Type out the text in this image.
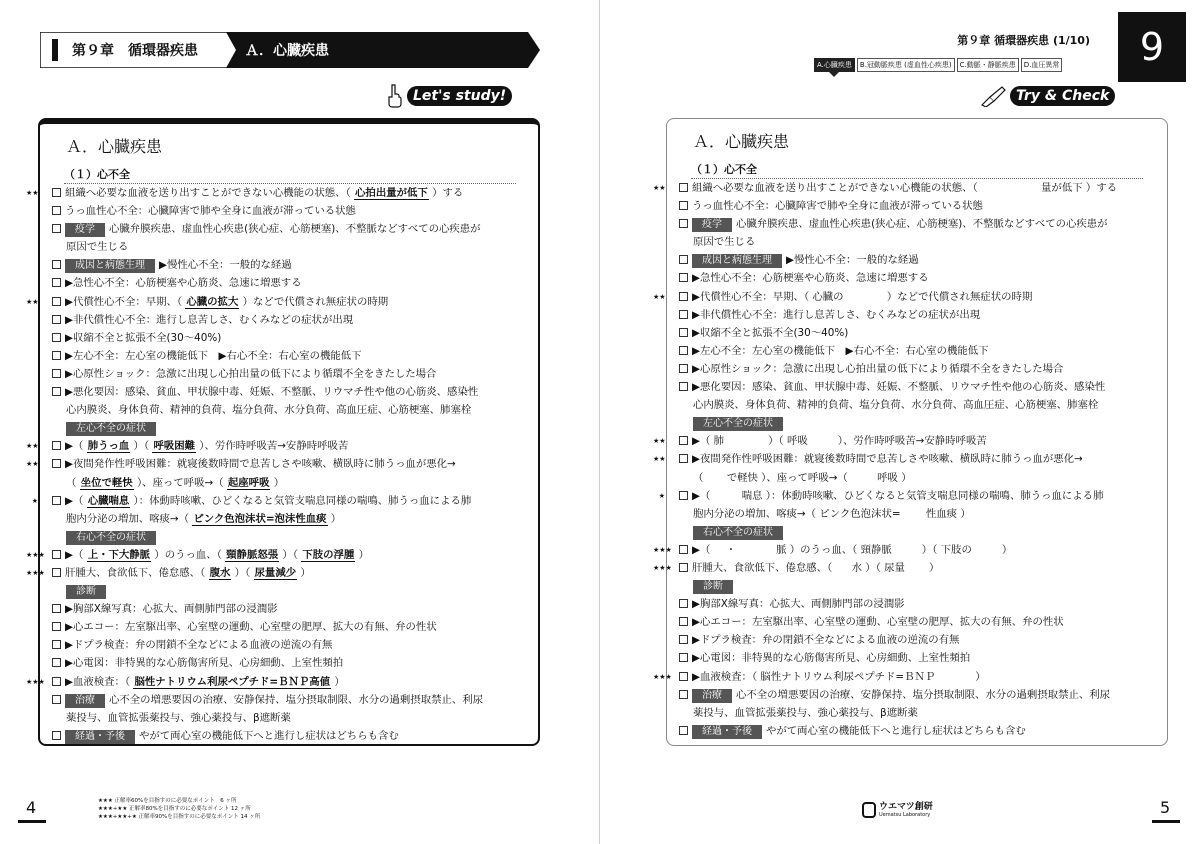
第９章　循環器疾患	Ａ．心臓疾患
Let's study!
Ａ．心臓疾患
（１）心不全
★★	組織へ必要な血液を送り出すことができない心機能の状態、（ 心拍出量が低下 ）する
うっ血性心不全：心臓障害で肺や全身に血液が滞っている状態
疫学 心臓弁膜疾患、虚血性心疾患(狭心症、心筋梗塞)、不整脈などすべての心疾患が
原因で生じる
成因と病態生理 ▶慢性心不全：一般的な経過
▶急性心不全：心筋梗塞や心筋炎、急速に増悪する
★★	▶代償性心不全：早期、（ 心臓の拡大 ）などで代償され無症状の時期
▶非代償性心不全：進行し息苦しさ、むくみなどの症状が出現
▶収縮不全と拡張不全(30〜40%)
▶左心不全：左心室の機能低下　▶右心不全：右心室の機能低下
▶心原性ショック：急激に出現し心拍出量の低下により循環不全をきたした場合
▶悪化要因：感染、貧血、甲状腺中毒、妊娠、不整脈、リウマチ性や他の心筋炎、感染性
心内膜炎、身体負荷、精神的負荷、塩分負荷、水分負荷、高血圧症、心筋梗塞、肺塞栓
左心不全の症状
★★	▶（ 肺うっ血 ）（ 呼吸困難 ）、労作時呼吸苦→安静時呼吸苦
★★	▶夜間発作性呼吸困難：就寝後数時間で息苦しさや咳嗽、横臥時に肺うっ血が悪化→
（ 坐位で軽快 ）、座って呼吸→（ 起座呼吸 ）
★	▶（ 心臓喘息 ）：体動時咳嗽、ひどくなると気管支喘息同様の喘鳴、肺うっ血による肺
胞内分泌の増加、喀痰→（ ピンク色泡沫状=泡沫性血痰 ）
右心不全の症状
★★★ ▶（ 上・下大静脈 ）のうっ血、（ 頸静脈怒張 ）（ 下肢の浮腫 ）
★★★ 肝腫大、食欲低下、倦怠感、（ 腹水 ）（ 尿量減少 ）
診断
▶胸部X線写真：心拡大、両側肺門部の浸潤影
▶心エコー：左室駆出率、心室壁の運動、心室壁の肥厚、拡大の有無、弁の性状
▶ドプラ検査：弁の閉鎖不全などによる血液の逆流の有無
▶心電図：非特異的な心筋傷害所見、心房細動、上室性頻拍
★★★ ▶血液検査：（ 脳性ナトリウム利尿ペプチド=ＢＮＰ高値 ）
治療 心不全の増悪要因の治療、安静保持、塩分摂取制限、水分の過剰摂取禁止、利尿
薬投与、血管拡張薬投与、強心薬投与、β遮断薬
経過・予後 やがて両心室の機能低下へと進行し症状はどちらも含む
4	★★★ 正解率60%を目指すのに必要なポイント　6 ヶ所
★★★+★★ 正解率80%を目指すのに必要なポイント 12 ヶ所
★★★+★★+★ 正解率90%を目指すのに必要なポイント 14 ヶ所
第９章 循環器疾患 (1/10)	9
A.心臓疾患	B.冠動脈疾患 (虚血性心疾患)	C.動脈・静脈疾患	D.血圧異常
Try & Check
Ａ．心臓疾患
（１）心不全
★★	組織へ必要な血液を送り出すことができない心機能の状態、（	量が低下 ）する
うっ血性心不全：心臓障害で肺や全身に血液が滞っている状態
疫学 心臓弁膜疾患、虚血性心疾患(狭心症、心筋梗塞)、不整脈などすべての心疾患が
原因で生じる
成因と病態生理 ▶慢性心不全：一般的な経過
▶急性心不全：心筋梗塞や心筋炎、急速に増悪する
★★	▶代償性心不全：早期、（ 心臓の	）などで代償され無症状の時期
▶非代償性心不全：進行し息苦しさ、むくみなどの症状が出現
▶収縮不全と拡張不全(30〜40%)
▶左心不全：左心室の機能低下　▶右心不全：右心室の機能低下
▶心原性ショック：急激に出現し心拍出量の低下により循環不全をきたした場合
▶悪化要因：感染、貧血、甲状腺中毒、妊娠、不整脈、リウマチ性や他の心筋炎、感染性
心内膜炎、身体負荷、精神的負荷、塩分負荷、水分負荷、高血圧症、心筋梗塞、肺塞栓
左心不全の症状
★★	▶（ 肺	）（ 呼吸	）、労作時呼吸苦→安静時呼吸苦
★★	▶夜間発作性呼吸困難：就寝後数時間で息苦しさや咳嗽、横臥時に肺うっ血が悪化→
（ で軽快 ）、座って呼吸→（	呼吸 ）
★	▶（	喘息 ）：体動時咳嗽、ひどくなると気管支喘息同様の喘鳴、肺うっ血による肺
胞内分泌の増加、喀痰→（ ピンク色泡沫状= 性血痰 ）
右心不全の症状
★★★ ▶（ ・	脈 ）のうっ血、（ 頸静脈	）（ 下肢の	）
★★★ 肝腫大、食欲低下、倦怠感、（ 水 ）（ 尿量 ）
診断
▶胸部X線写真：心拡大、両側肺門部の浸潤影
▶心エコー：左室駆出率、心室壁の運動、心室壁の肥厚、拡大の有無、弁の性状
▶ドプラ検査：弁の閉鎖不全などによる血液の逆流の有無
▶心電図：非特異的な心筋傷害所見、心房細動、上室性頻拍
★★★ ▶血液検査：（ 脳性ナトリウム利尿ペプチド=ＢＮＰ	）
治療 心不全の増悪要因の治療、安静保持、塩分摂取制限、水分の過剰摂取禁止、利尿
薬投与、血管拡張薬投与、強心薬投与、β遮断薬
経過・予後 やがて両心室の機能低下へと進行し症状はどちらも含む
ウエマツ創研
Uematsu Laboratory	5
